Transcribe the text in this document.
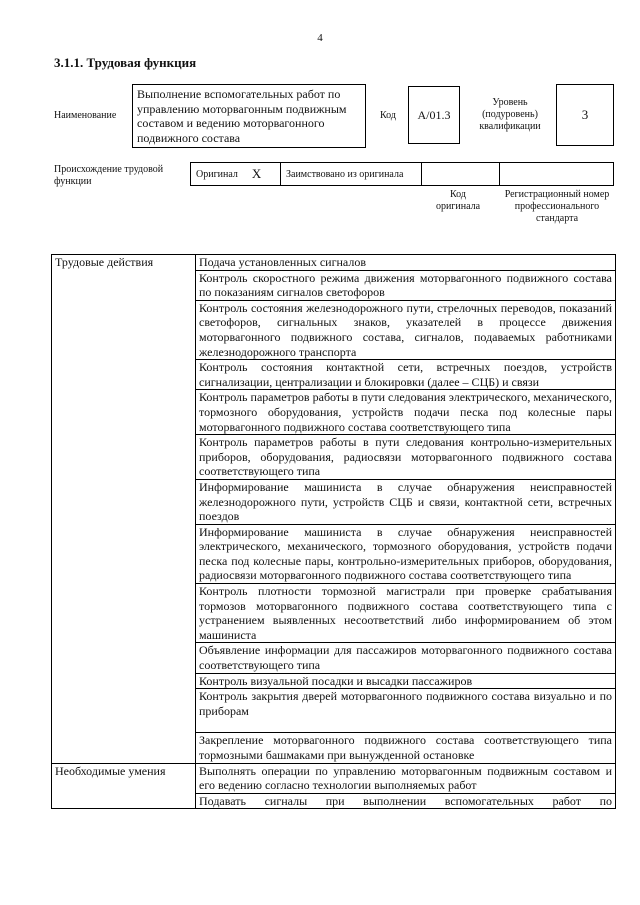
4
3.1.1. Трудовая функция
Наименование
Выполнение вспомогательных работ по управлению моторвагонным подвижным составом и ведению моторвагонного подвижного состава
Код	А/01.3
Уровень (подуровень) квалификации
3
Происхождение трудовой функции
Оригинал X	Заимствовано из оригинала
Код оригинала
Регистрационный номер профессионального стандарта
Трудовые действия	Подача установленных сигналов
	Контроль скоростного режима движения моторвагонного подвижного состава по показаниям сигналов светофоров
	Контроль состояния железнодорожного пути, стрелочных переводов, показаний светофоров, сигнальных знаков, указателей в процессе движения моторвагонного подвижного состава, сигналов, подаваемых работниками железнодорожного транспорта
	Контроль состояния контактной сети, встречных поездов, устройств сигнализации, централизации и блокировки (далее – СЦБ) и связи
	Контроль параметров работы в пути следования электрического, механического, тормозного оборудования, устройств подачи песка под колесные пары моторвагонного подвижного состава соответствующего типа
	Контроль параметров работы в пути следования контрольно-измерительных приборов, оборудования, радиосвязи моторвагонного подвижного состава соответствующего типа
	Информирование машиниста в случае обнаружения неисправностей железнодорожного пути, устройств СЦБ и связи, контактной сети, встречных поездов
	Информирование машиниста в случае обнаружения неисправностей электрического, механического, тормозного оборудования, устройств подачи песка под колесные пары, контрольно-измерительных приборов, оборудования, радиосвязи моторвагонного подвижного состава соответствующего типа
	Контроль плотности тормозной магистрали при проверке срабатывания тормозов моторвагонного подвижного состава соответствующего типа с устранением выявленных несоответствий либо информированием об этом машиниста
	Объявление информации для пассажиров моторвагонного подвижного состава соответствующего типа
	Контроль визуальной посадки и высадки пассажиров
	Контроль закрытия дверей моторвагонного подвижного состава визуально и по приборам
	Закрепление моторвагонного подвижного состава соответствующего типа тормозными башмаками при вынужденной остановке
Необходимые умения	Выполнять операции по управлению моторвагонным подвижным составом и его ведению согласно технологии выполняемых работ

	Подавать сигналы при выполнении вспомогательных работ по
